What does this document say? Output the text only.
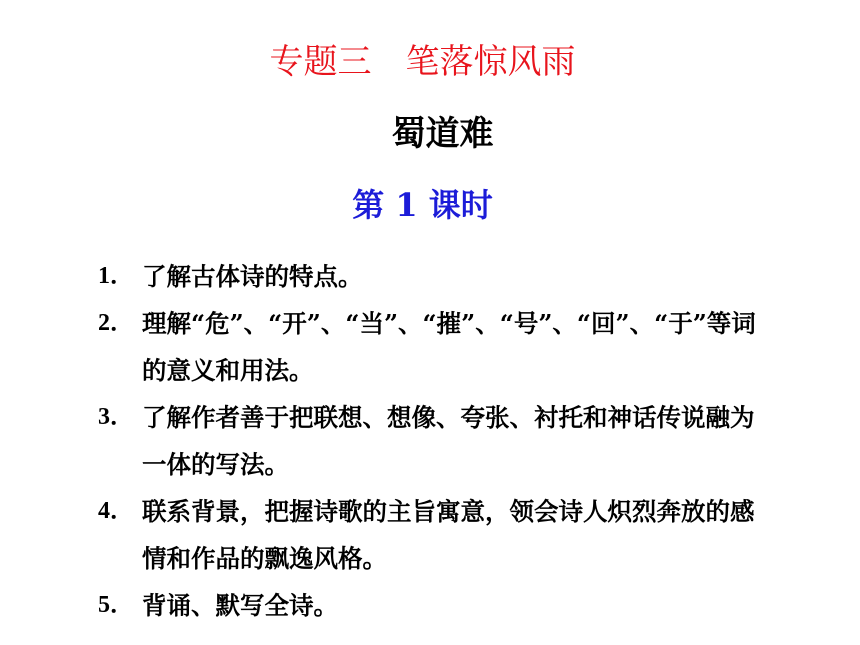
专题三　笔落惊风雨
蜀道难
第 1 课时
1． 了解古体诗的特点。
2． 理解“危”、“开”、“当”、“摧”、“号”、“回”、“于”等词的意义和用法。
3． 了解作者善于把联想、想像、夸张、衬托和神话传说融为一体的写法。
4． 联系背景，把握诗歌的主旨寓意，领会诗人炽烈奔放的感情和作品的飘逸风格。
5． 背诵、默写全诗。
